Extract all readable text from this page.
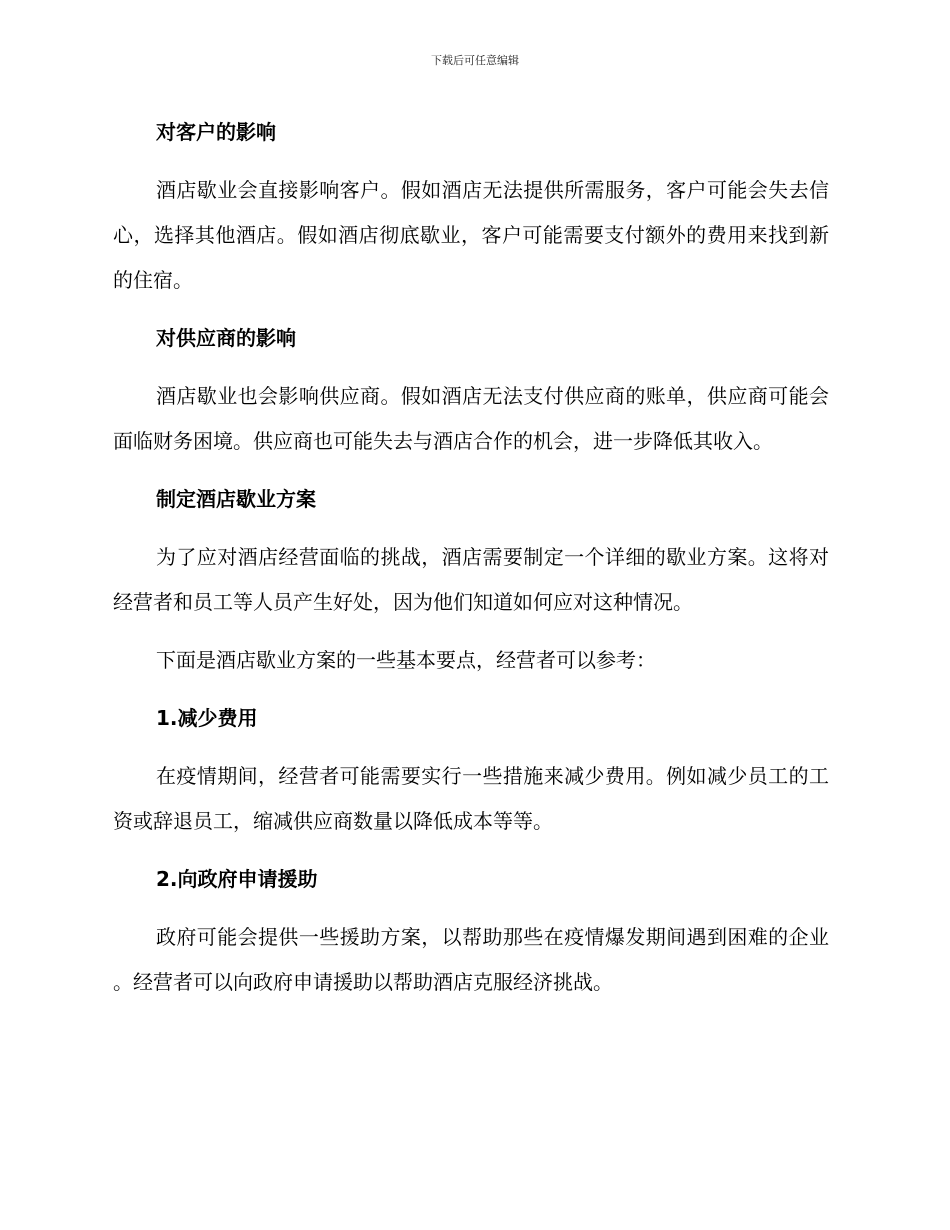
下载后可任意编辑
对客户的影响
酒店歇业会直接影响客户。假如酒店无法提供所需服务，客户可能会失去信心，选择其他酒店。假如酒店彻底歇业，客户可能需要支付额外的费用来找到新的住宿。
对供应商的影响
酒店歇业也会影响供应商。假如酒店无法支付供应商的账单，供应商可能会面临财务困境。供应商也可能失去与酒店合作的机会，进一步降低其收入。
制定酒店歇业方案
为了应对酒店经营面临的挑战，酒店需要制定一个详细的歇业方案。这将对经营者和员工等人员产生好处，因为他们知道如何应对这种情况。
下面是酒店歇业方案的一些基本要点，经营者可以参考：
1.减少费用
在疫情期间，经营者可能需要实行一些措施来减少费用。例如减少员工的工资或辞退员工，缩减供应商数量以降低成本等等。
2.向政府申请援助
政府可能会提供一些援助方案，以帮助那些在疫情爆发期间遇到困难的企业。经营者可以向政府申请援助以帮助酒店克服经济挑战。
